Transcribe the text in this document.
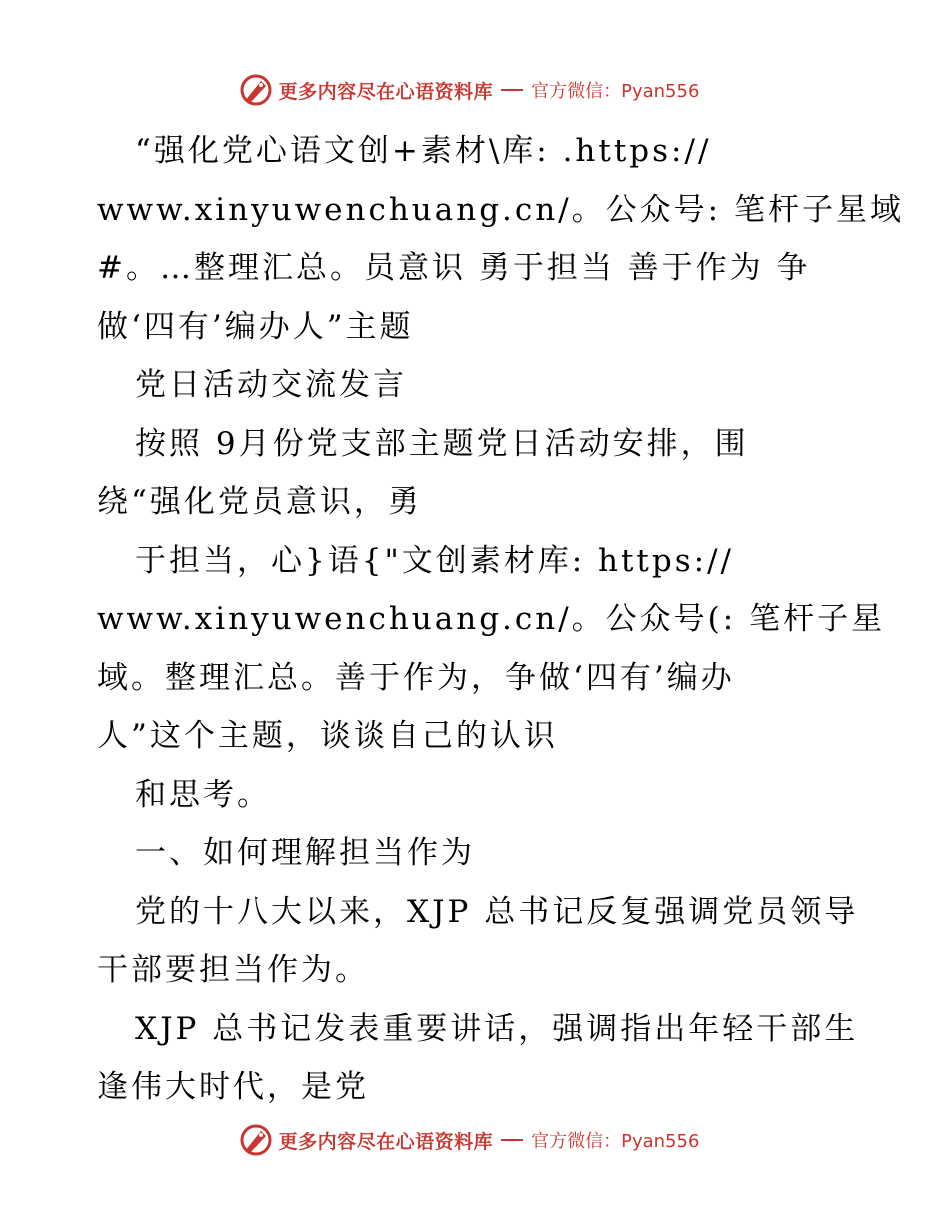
更多内容尽在心语资料库 官方微信：Pyan556
“强化党心语文创+素材\库: .https://
www.xinyuwenchuang.cn/。公众号: 笔杆子星域
#。…整理汇总。员意识 勇于担当 善于作为 争
做‘四有’编办人”主题
党日活动交流发言
按照 9月份党支部主题党日活动安排，围
绕“强化党员意识，勇
于担当，心}语{"文创素材库: https://
www.xinyuwenchuang.cn/。公众号(: 笔杆子星
域。整理汇总。善于作为，争做‘四有’编办
人”这个主题，谈谈自己的认识
和思考。
一、如何理解担当作为
党的十八大以来，XJP 总书记反复强调党员领导
干部要担当作为。
XJP 总书记发表重要讲话，强调指出年轻干部生
逢伟大时代，是党
更多内容尽在心语资料库 官方微信：Pyan556
